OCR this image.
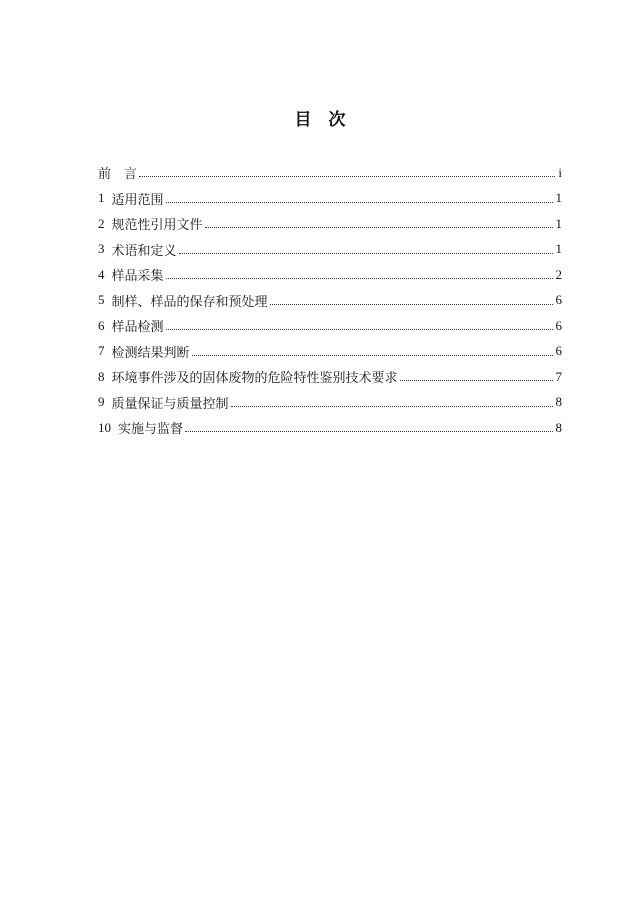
目　次
前　言	i
1 适用范围	1
2 规范性引用文件	1
3 术语和定义	1
4 样品采集	2
5 制样、样品的保存和预处理	6
6 样品检测	6
7 检测结果判断	6
8 环境事件涉及的固体废物的危险特性鉴别技术要求	7
9 质量保证与质量控制	8
10 实施与监督	8
